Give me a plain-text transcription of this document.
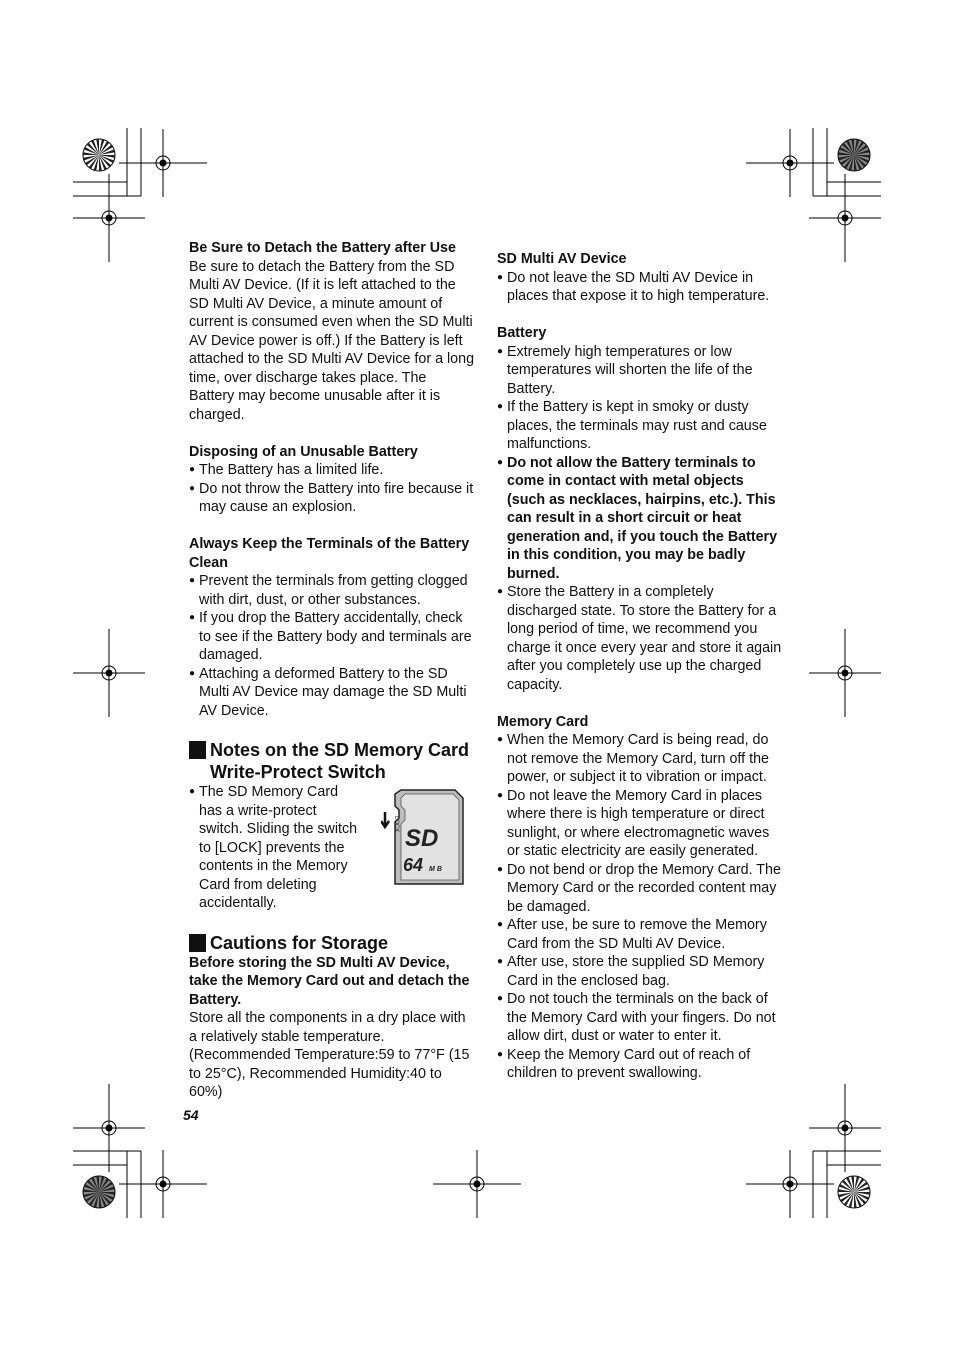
Be Sure to Detach the Battery after Use

Be sure to detach the Battery from the SD Multi AV Device. (If it is left attached to the SD Multi AV Device, a minute amount of current is consumed even when the SD Multi AV Device power is off.) If the Battery is left attached to the SD Multi AV Device for a long time, over discharge takes place. The Battery may become unusable after it is charged.

Disposing of an Unusable Battery

● The Battery has a limited life.
● Do not throw the Battery into fire because it may cause an explosion.

Always Keep the Terminals of the Battery Clean

● Prevent the terminals from getting clogged with dirt, dust, or other substances.
● If you drop the Battery accidentally, check to see if the Battery body and terminals are damaged.
● Attaching a deformed Battery to the SD Multi AV Device may damage the SD Multi AV Device.

Notes on the SD Memory Card Write-Protect Switch

● The SD Memory Card has a write-protect switch. Sliding the switch to [LOCK] prevents the contents in the Memory Card from deleting accidentally.
LOCK
SD
64 MB

Cautions for Storage

Before storing the SD Multi AV Device, take the Memory Card out and detach the Battery.

Store all the components in a dry place with a relatively stable temperature. (Recommended Temperature:59 to 77°F (15 to 25°C), Recommended Humidity:40 to 60%)

SD Multi AV Device

● Do not leave the SD Multi AV Device in places that expose it to high temperature.

Battery

● Extremely high temperatures or low temperatures will shorten the life of the Battery.
● If the Battery is kept in smoky or dusty places, the terminals may rust and cause malfunctions.
● Do not allow the Battery terminals to come in contact with metal objects (such as necklaces, hairpins, etc.). This can result in a short circuit or heat generation and, if you touch the Battery in this condition, you may be badly burned.
● Store the Battery in a completely discharged state. To store the Battery for a long period of time, we recommend you charge it once every year and store it again after you completely use up the charged capacity.

Memory Card

● When the Memory Card is being read, do not remove the Memory Card, turn off the power, or subject it to vibration or impact.
● Do not leave the Memory Card in places where there is high temperature or direct sunlight, or where electromagnetic waves or static electricity are easily generated.
● Do not bend or drop the Memory Card. The Memory Card or the recorded content may be damaged.
● After use, be sure to remove the Memory Card from the SD Multi AV Device.
● After use, store the supplied SD Memory Card in the enclosed bag.
● Do not touch the terminals on the back of the Memory Card with your fingers. Do not allow dirt, dust or water to enter it.
● Keep the Memory Card out of reach of children to prevent swallowing.
54
